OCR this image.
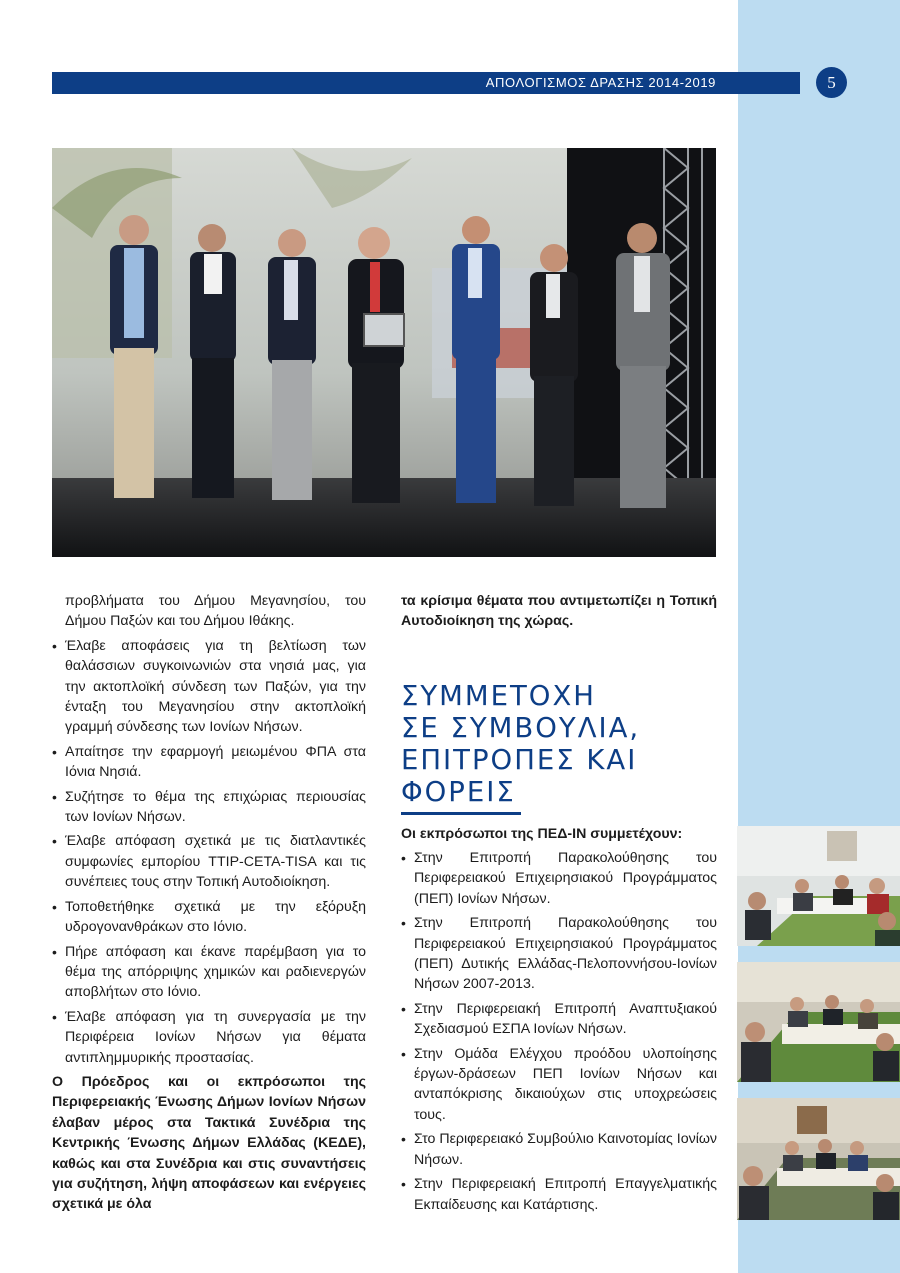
ΑΠΟΛΟΓΙΣΜΟΣ ΔΡΑΣΗΣ 2014-2019	5

προβλήματα του Δήμου Μεγανησίου, του Δήμου Παξών και του Δήμου Ιθάκης.

• Έλαβε αποφάσεις για τη βελτίωση των θαλάσσιων συγκοινωνιών στα νησιά μας, για την ακτοπλοϊκή σύνδεση των Παξών, για την ένταξη του Μεγανησίου στην ακτοπλοϊκή γραμμή σύνδεσης των Ιονίων Νήσων.
• Απαίτησε την εφαρμογή μειωμένου ΦΠΑ στα Ιόνια Νησιά.
• Συζήτησε το θέμα της επιχώριας περιουσίας των Ιονίων Νήσων.
• Έλαβε απόφαση σχετικά με τις διατλαντικές συμφωνίες εμπορίου TTIP-CETA-TISA και τις συνέπειες τους στην Τοπική Αυτοδιοίκηση.
• Τοποθετήθηκε σχετικά με την εξόρυξη υδρογονανθράκων στο Ιόνιο.
• Πήρε απόφαση και έκανε παρέμβαση για το θέμα της απόρριψης χημικών και ραδιενεργών αποβλήτων στο Ιόνιο.
• Έλαβε απόφαση για τη συνεργασία με την Περιφέρεια Ιονίων Νήσων για θέματα αντιπλημμυρικής προστασίας.

Ο Πρόεδρος και οι εκπρόσωποι της Περιφερειακής Ένωσης Δήμων Ιονίων Νήσων έλαβαν μέρος στα Τακτικά Συνέδρια της Κεντρικής Ένωσης Δήμων Ελλάδας (ΚΕΔΕ), καθώς και στα Συνέδρια και στις συναντήσεις για συζήτηση, λήψη αποφάσεων και ενέργειες σχετικά με όλα

τα κρίσιμα θέματα που αντιμετωπίζει η Τοπική Αυτοδιοίκηση της χώρας.

ΣΥΜΜΕΤΟΧΗ
ΣΕ ΣΥΜΒΟΥΛΙΑ,
ΕΠΙΤΡΟΠΕΣ ΚΑΙ
ΦΟΡΕΙΣ
Οι εκπρόσωποι της ΠΕΔ-ΙΝ συμμετέχουν:
• Στην Επιτροπή Παρακολούθησης του Περιφερειακού Επιχειρησιακού Προγράμματος (ΠΕΠ) Ιονίων Νήσων.
• Στην Επιτροπή Παρακολούθησης του Περιφερειακού Επιχειρησιακού Προγράμματος (ΠΕΠ) Δυτικής Ελλάδας-Πελοποννήσου-Ιονίων Νήσων 2007-2013.
• Στην Περιφερειακή Επιτροπή Αναπτυξιακού Σχεδιασμού ΕΣΠΑ Ιονίων Νήσων.
• Στην Ομάδα Ελέγχου προόδου υλοποίησης έργων-δράσεων ΠΕΠ Ιονίων Νήσων και ανταπόκρισης δικαιούχων στις υποχρεώσεις τους.
• Στο Περιφερειακό Συμβούλιο Καινοτομίας Ιονίων Νήσων.
• Στην Περιφερειακή Επιτροπή Επαγγελματικής Εκπαίδευσης και Κατάρτισης.
